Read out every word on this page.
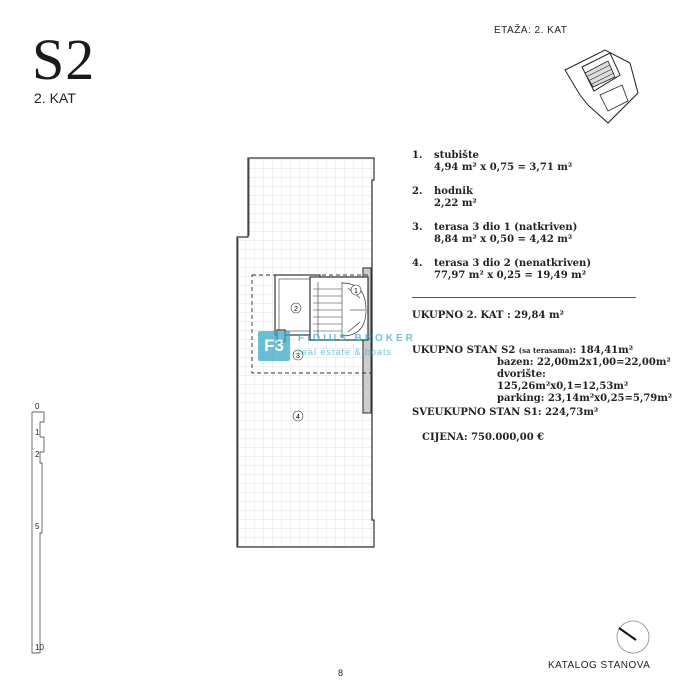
S2
2. KAT
ETAŽA: 2. KAT
1
2
3
4
F3	FIDIUS BROKER
real estate & boats
1. stubište
4,94 m² x 0,75 = 3,71 m²
2. hodnik
2,22 m²
3. terasa 3 dio 1 (natkriven)
8,84 m² x 0,50 = 4,42 m²
4. terasa 3 dio 2 (nenatkriven)
77,97 m² x 0,25 = 19,49 m²
UKUPNO 2. KAT : 29,84 m²
UKUPNO STAN S2 (sa terasama): 184,41m²
bazen: 22,00m2x1,00=22,00m²
dvorište: 125,26m²x0,1=12,53m²
parking: 23,14m²x0,25=5,79m²
SVEUKUPNO STAN S1: 224,73m²
CIJENA: 750.000,00 €
0
1
2
5
10
KATALOG STANOVA
8
